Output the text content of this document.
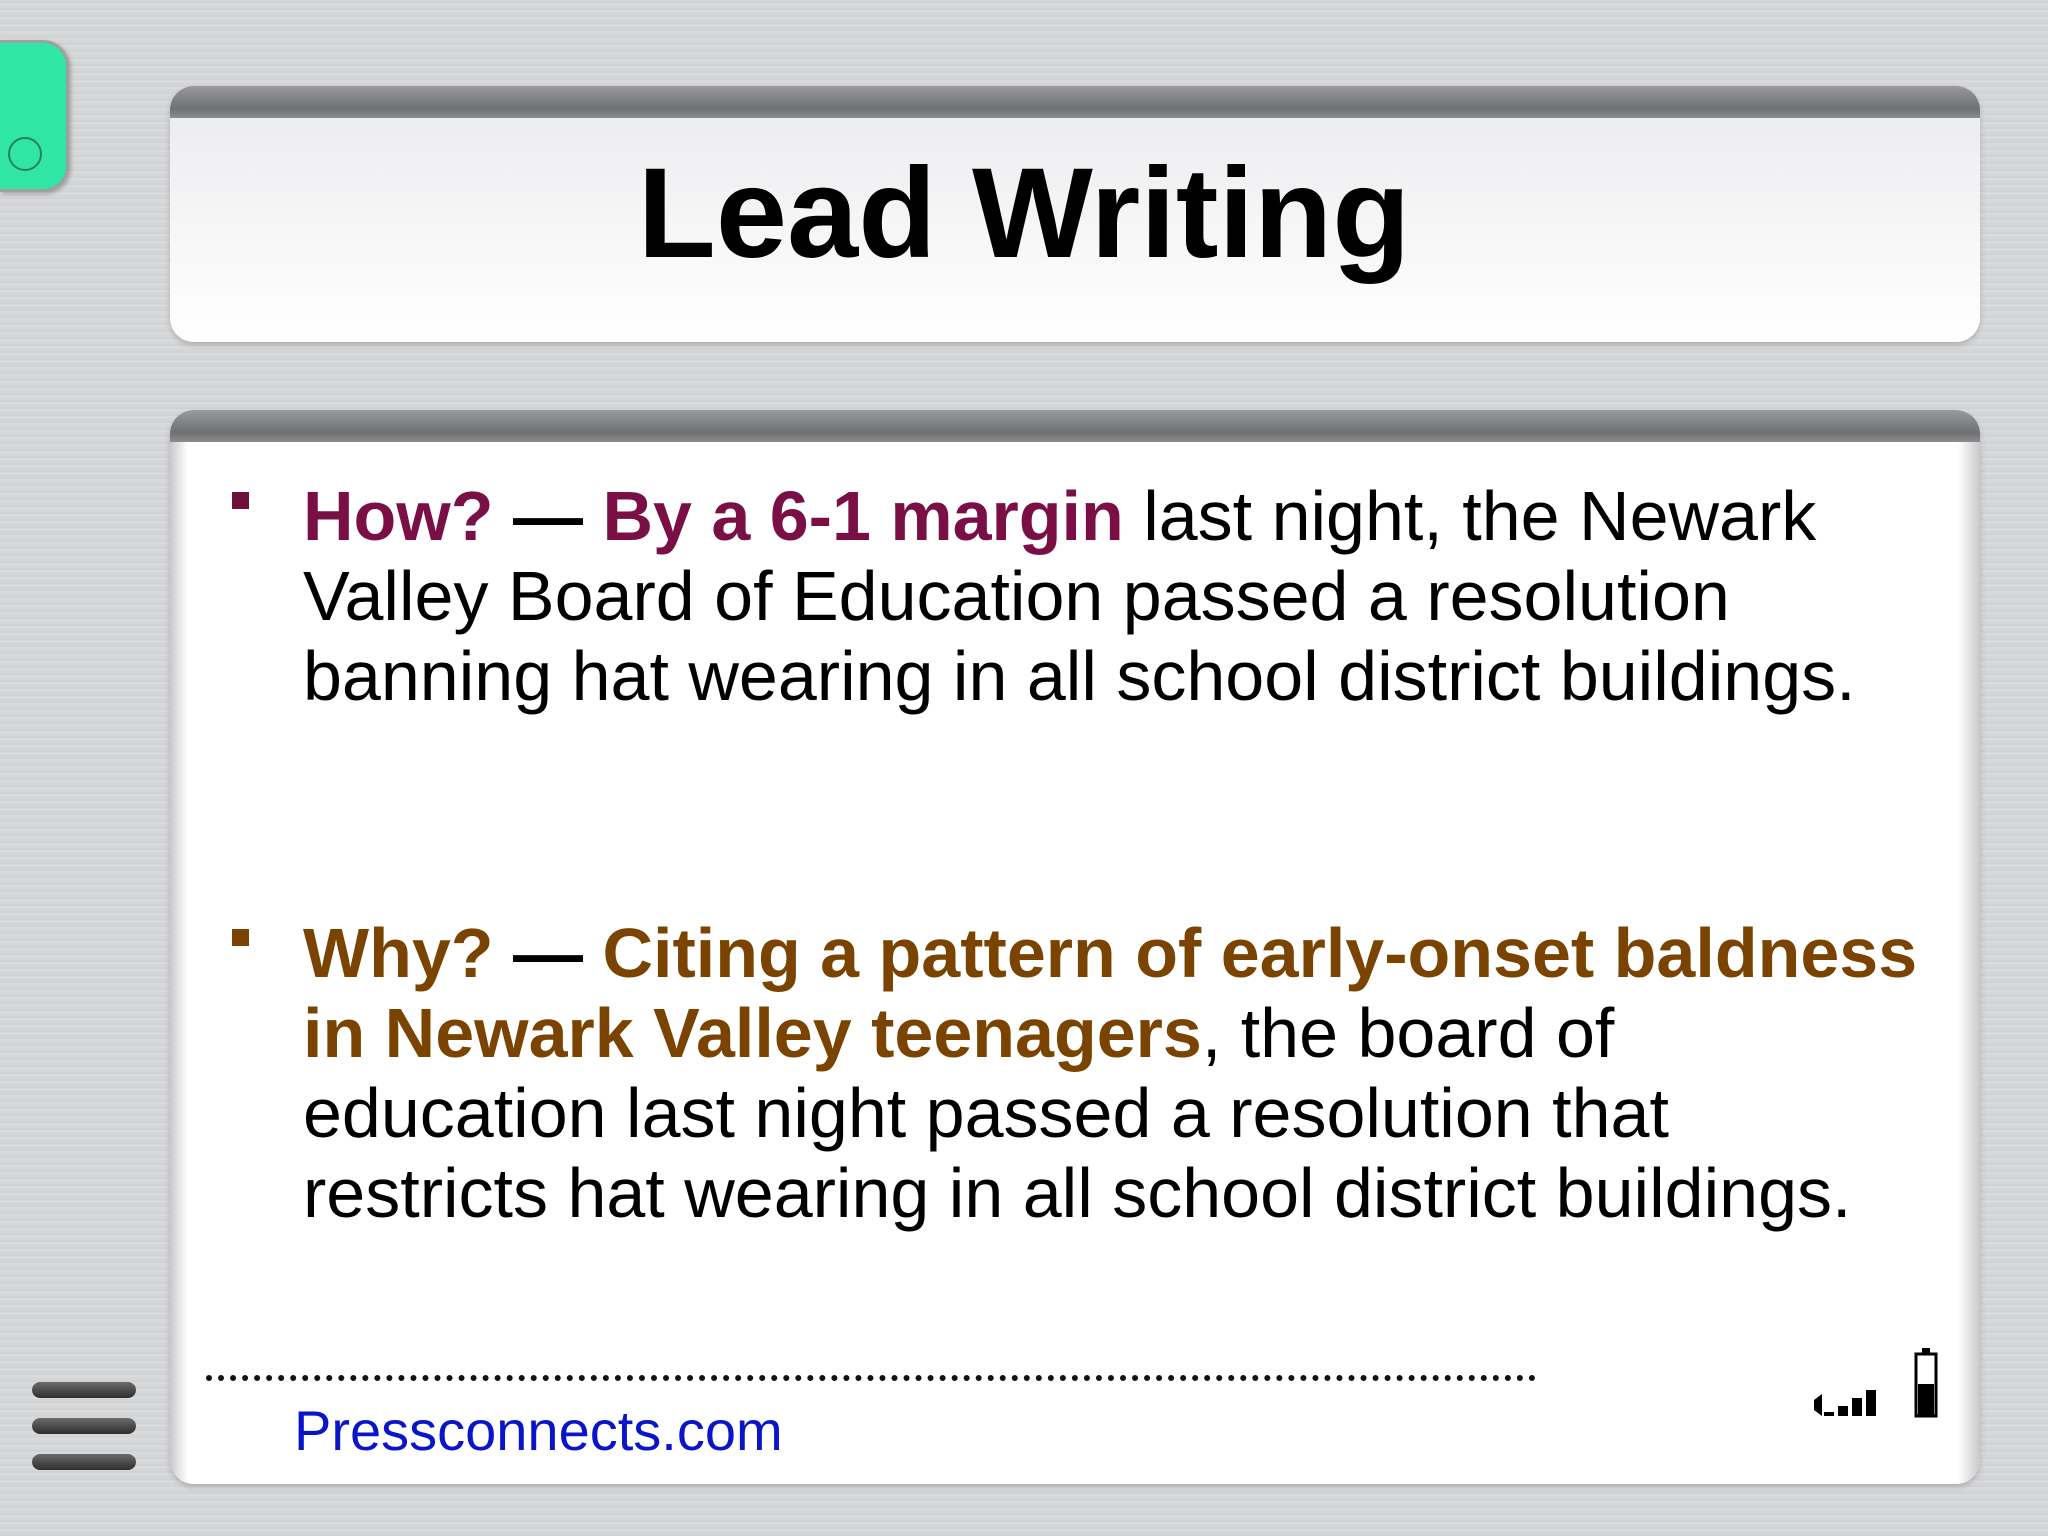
Lead Writing
How? — By a 6-1 margin last night, the Newark Valley Board of Education passed a resolution banning hat wearing in all school district buildings.
Why? — Citing a pattern of early-onset baldness in Newark Valley teenagers, the board of education last night passed a resolution that restricts hat wearing in all school district buildings.
Pressconnects.com
